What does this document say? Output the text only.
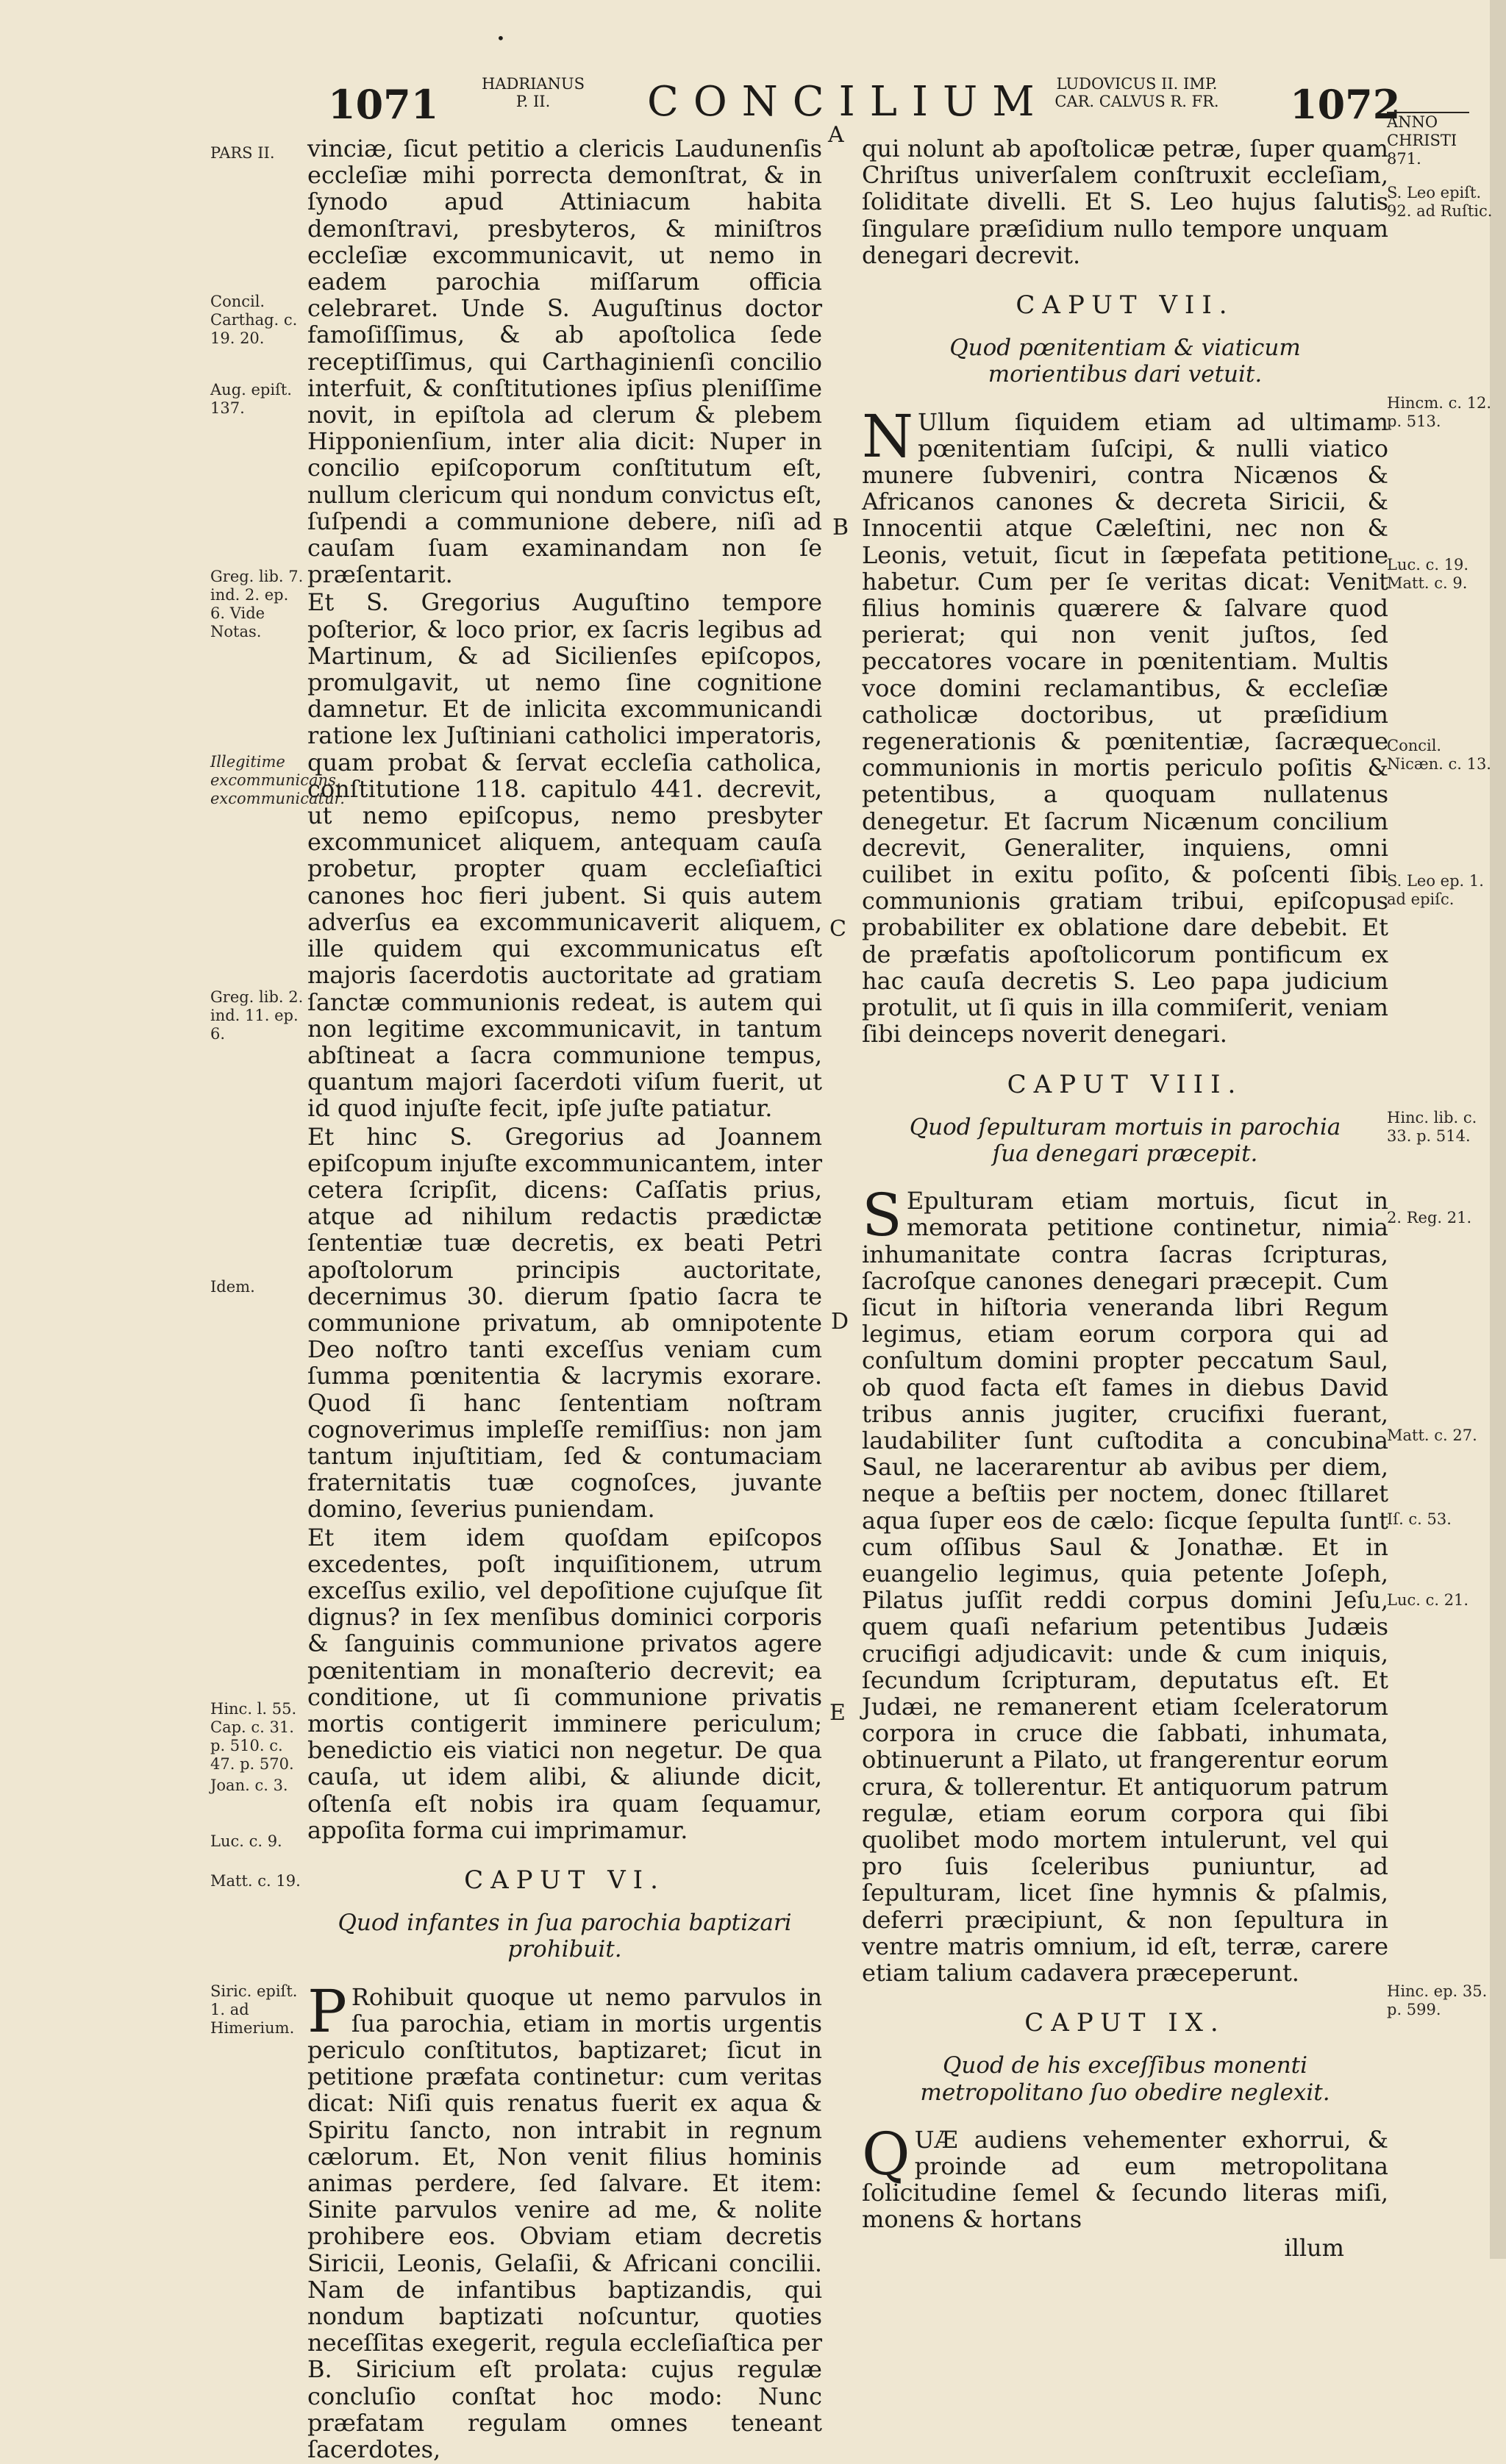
•
1071	HADRIANUS
P. II.	CONCILIUM LUDOVICUS II. IMP.
CAR. CALVUS R. FR.	1072
A
B
C
D
E
PARS II.
Concil. Carthag. c. 19. 20.
Aug. epiſt. 137.
Greg. lib. 7. ind. 2. ep. 6. Vide Notas.
Illegitime excommunicans, excommunicatur.
Greg. lib. 2. ind. 11. ep. 6.
Idem.
Hinc. l. 55. Cap. c. 31. p. 510. c. 47. p. 570.
Joan. c. 3.
Luc. c. 9.
Matt. c. 19.
Siric. epiſt. 1. ad Himerium.
ANNO CHRISTI 871.
S. Leo epiſt. 92. ad Ruſtic.
Hincm. c. 12. p. 513.
Luc. c. 19. Matt. c. 9.
Concil. Nicæn. c. 13.
S. Leo ep. 1. ad epiſc.
Hinc. lib. c. 33. p. 514.
2. Reg. 21.
Matt. c. 27.
Iſ. c. 53.
Luc. c. 21.
Hinc. ep. 35. p. 599.

vinciæ, ſicut petitio a clericis Laudunenſis eccleſiæ mihi porrecta demonſtrat, & in ſynodo apud Attiniacum habita demonſtravi, presbyteros, & miniſtros eccleſiæ excommunicavit, ut nemo in eadem parochia miſſarum officia celebraret. Unde S. Auguſtinus doctor famoſiſſimus, & ab apoſtolica ſede receptiſſimus, qui Carthaginienſi concilio interfuit, & conſtitutiones ipſius pleniſſime novit, in epiſtola ad clerum & plebem Hipponienſium, inter alia dicit: Nuper in concilio epiſcoporum conſtitutum eſt, nullum clericum qui nondum convictus eſt, ſuſpendi a communione debere, niſi ad cauſam ſuam examinandam non ſe præſentarit.

Et S. Gregorius Auguſtino tempore poſterior, & loco prior, ex ſacris legibus ad Martinum, & ad Sicilienſes epiſcopos, promulgavit, ut nemo ſine cognitione damnetur. Et de inlicita excommunicandi ratione lex Juſtiniani catholici imperatoris, quam probat & ſervat eccleſia catholica, conſtitutione 118. capitulo 441. decrevit, ut nemo epiſcopus, nemo presbyter excommunicet aliquem, antequam cauſa probetur, propter quam eccleſiaſtici canones hoc fieri jubent. Si quis autem adverſus ea excommunicaverit aliquem, ille quidem qui excommunicatus eſt majoris ſacerdotis auctoritate ad gratiam ſanctæ communionis redeat, is autem qui non legitime excommunicavit, in tantum abſtineat a ſacra communione tempus, quantum majori ſacerdoti viſum fuerit, ut id quod injuſte fecit, ipſe juſte patiatur.

Et hinc S. Gregorius ad Joannem epiſcopum injuſte excommunicantem, inter cetera ſcripſit, dicens: Caſſatis prius, atque ad nihilum redactis prædictæ ſententiæ tuæ decretis, ex beati Petri apoſtolorum principis auctoritate, decernimus 30. dierum ſpatio ſacra te communione privatum, ab omnipotente Deo noſtro tanti exceſſus veniam cum ſumma pœnitentia & lacrymis exorare. Quod ſi hanc ſententiam noſtram cognoverimus impleſſe remiſſius: non jam tantum injuſtitiam, ſed & contumaciam fraternitatis tuæ cognoſces, juvante domino, ſeverius puniendam.

Et item idem quoſdam epiſcopos excedentes, poſt inquiſitionem, utrum exceſſus exilio, vel depoſitione cujuſque ſit dignus? in ſex menſibus dominici corporis & ſanguinis communione privatos agere pœnitentiam in monaſterio decrevit; ea conditione, ut ſi communione privatis mortis contigerit imminere periculum; benedictio eis viatici non negetur. De qua cauſa, ut idem alibi, & aliunde dicit, oſtenſa eſt nobis ira quam ſequamur, appoſita forma cui imprimamur.

CAPUT VI.
Quod infantes in ſua parochia baptizari prohibuit.

P Rohibuit quoque ut nemo parvulos in ſua parochia, etiam in mortis urgentis periculo conſtitutos, baptizaret; ſicut in petitione præfata continetur: cum veritas dicat: Niſi quis renatus fuerit ex aqua & Spiritu ſancto, non intrabit in regnum cælorum. Et, Non venit filius hominis animas perdere, ſed ſalvare. Et item: Sinite parvulos venire ad me, & nolite prohibere eos. Obviam etiam decretis Siricii, Leonis, Gelaſii, & Africani concilii. Nam de infantibus baptizandis, qui nondum baptizati noſcuntur, quoties neceſſitas exegerit, regula eccleſiaſtica per B. Siricium eſt prolata: cujus regulæ concluſio conſtat hoc modo: Nunc præfatam regulam omnes teneant ſacerdotes,

qui nolunt ab apoſtolicæ petræ, ſuper quam Chriſtus univerſalem conſtruxit eccleſiam, ſoliditate divelli. Et S. Leo hujus ſalutis ſingulare præſidium nullo tempore unquam denegari decrevit.

CAPUT VII.
Quod pœnitentiam & viaticum morientibus dari vetuit.

N Ullum ſiquidem etiam ad ultimam pœnitentiam ſuſcipi, & nulli viatico munere ſubveniri, contra Nicænos & Africanos canones & decreta Siricii, & Innocentii atque Cæleſtini, nec non & Leonis, vetuit, ſicut in ſæpefata petitione habetur. Cum per ſe veritas dicat: Venit filius hominis quærere & ſalvare quod perierat; qui non venit juſtos, ſed peccatores vocare in pœnitentiam. Multis voce domini reclamantibus, & eccleſiæ catholicæ doctoribus, ut præſidium regenerationis & pœnitentiæ, ſacræque communionis in mortis periculo poſitis & petentibus, a quoquam nullatenus denegetur. Et ſacrum Nicænum concilium decrevit, Generaliter, inquiens, omni cuilibet in exitu poſito, & poſcenti ſibi communionis gratiam tribui, epiſcopus probabiliter ex oblatione dare debebit. Et de præfatis apoſtolicorum pontificum ex hac cauſa decretis S. Leo papa judicium protulit, ut ſi quis in illa commiſerit, veniam ſibi deinceps noverit denegari.

CAPUT VIII.
Quod ſepulturam mortuis in parochia ſua denegari præcepit.

S Epulturam etiam mortuis, ſicut in memorata petitione continetur, nimia inhumanitate contra ſacras ſcripturas, ſacroſque canones denegari præcepit. Cum ſicut in hiſtoria veneranda libri Regum legimus, etiam eorum corpora qui ad conſultum domini propter peccatum Saul, ob quod facta eſt fames in diebus David tribus annis jugiter, crucifixi fuerant, laudabiliter ſunt cuſtodita a concubina Saul, ne lacerarentur ab avibus per diem, neque a beſtiis per noctem, donec ſtillaret aqua ſuper eos de cælo: ſicque ſepulta ſunt cum oſſibus Saul & Jonathæ. Et in euangelio legimus, quia petente Joſeph, Pilatus juſſit reddi corpus domini Jeſu, quem quaſi nefarium petentibus Judæis crucifigi adjudicavit: unde & cum iniquis, ſecundum ſcripturam, deputatus eſt. Et Judæi, ne remanerent etiam ſceleratorum corpora in cruce die ſabbati, inhumata, obtinuerunt a Pilato, ut frangerentur eorum crura, & tollerentur. Et antiquorum patrum regulæ, etiam eorum corpora qui ſibi quolibet modo mortem intulerunt, vel qui pro ſuis ſceleribus puniuntur, ad ſepulturam, licet ſine hymnis & pſalmis, deferri præcipiunt, & non ſepultura in ventre matris omnium, id eſt, terræ, carere etiam talium cadavera præceperunt.

CAPUT IX.
Quod de his exceſſibus monenti metropolitano ſuo obedire neglexit.

QUÆ audiens vehementer exhorrui, & proinde ad eum metropolitana ſolicitudine ſemel & ſecundo literas miſi, monens & hortans

illum
